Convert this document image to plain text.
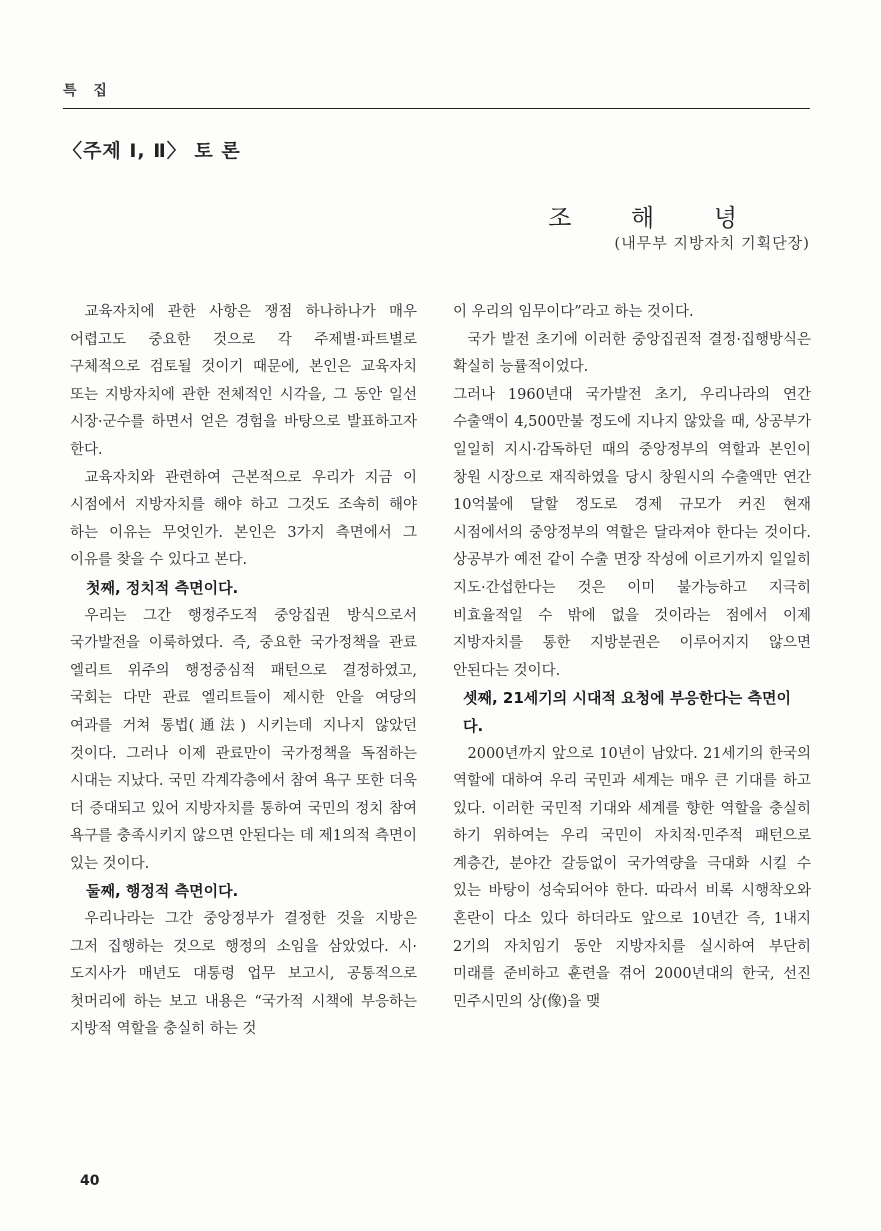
특 집
〈주제 Ⅰ, Ⅱ〉 토 론
조 해 녕
(내무부 지방자치 기획단장)

교육자치에 관한 사항은 쟁점 하나하나가 매우 어렵고도 중요한 것으로 각 주제별·파트별로 구체적으로 검토될 것이기 때문에, 본인은 교육자치 또는 지방자치에 관한 전체적인 시각을, 그 동안 일선 시장·군수를 하면서 얻은 경험을 바탕으로 발표하고자 한다.

교육자치와 관련하여 근본적으로 우리가 지금 이 시점에서 지방자치를 해야 하고 그것도 조속히 해야 하는 이유는 무엇인가. 본인은 3가지 측면에서 그 이유를 찾을 수 있다고 본다.

첫째, 정치적 측면이다.

우리는 그간 행정주도적 중앙집권 방식으로서 국가발전을 이룩하였다. 즉, 중요한 국가정책을 관료 엘리트 위주의 행정중심적 패턴으로 결정하였고, 국회는 다만 관료 엘리트들이 제시한 안을 여당의 여과를 거쳐 통법(通法) 시키는데 지나지 않았던 것이다. 그러나 이제 관료만이 국가정책을 독점하는 시대는 지났다. 국민 각계각층에서 참여 욕구 또한 더욱 더 증대되고 있어 지방자치를 통하여 국민의 정치 참여 욕구를 충족시키지 않으면 안된다는 데 제1의적 측면이 있는 것이다.

둘째, 행정적 측면이다.

우리나라는 그간 중앙정부가 결정한 것을 지방은 그저 집행하는 것으로 행정의 소임을 삼았었다. 시·도지사가 매년도 대통령 업무 보고시, 공통적으로 첫머리에 하는 보고 내용은 “국가적 시책에 부응하는 지방적 역할을 충실히 하는 것

이 우리의 임무이다”라고 하는 것이다.

국가 발전 초기에 이러한 중앙집권적 결정·집행방식은 확실히 능률적이었다.

그러나 1960년대 국가발전 초기, 우리나라의 연간 수출액이 4,500만불 정도에 지나지 않았을 때, 상공부가 일일히 지시·감독하던 때의 중앙정부의 역할과 본인이 창원 시장으로 재직하였을 당시 창원시의 수출액만 연간 10억불에 달할 정도로 경제 규모가 커진 현재 시점에서의 중앙정부의 역할은 달라져야 한다는 것이다. 상공부가 예전 같이 수출 면장 작성에 이르기까지 일일히 지도·간섭한다는 것은 이미 불가능하고 지극히 비효율적일 수 밖에 없을 것이라는 점에서 이제 지방자치를 통한 지방분권은 이루어지지 않으면 안된다는 것이다.

셋째, 21세기의 시대적 요청에 부응한다는 측면이다.

2000년까지 앞으로 10년이 남았다. 21세기의 한국의 역할에 대하여 우리 국민과 세계는 매우 큰 기대를 하고 있다. 이러한 국민적 기대와 세계를 향한 역할을 충실히 하기 위하여는 우리 국민이 자치적·민주적 패턴으로 계층간, 분야간 갈등없이 국가역량을 극대화 시킬 수 있는 바탕이 성숙되어야 한다. 따라서 비록 시행착오와 혼란이 다소 있다 하더라도 앞으로 10년간 즉, 1내지 2기의 자치임기 동안 지방자치를 실시하여 부단히 미래를 준비하고 훈련을 겪어 2000년대의 한국, 선진 민주시민의 상(像)을 맺

40
